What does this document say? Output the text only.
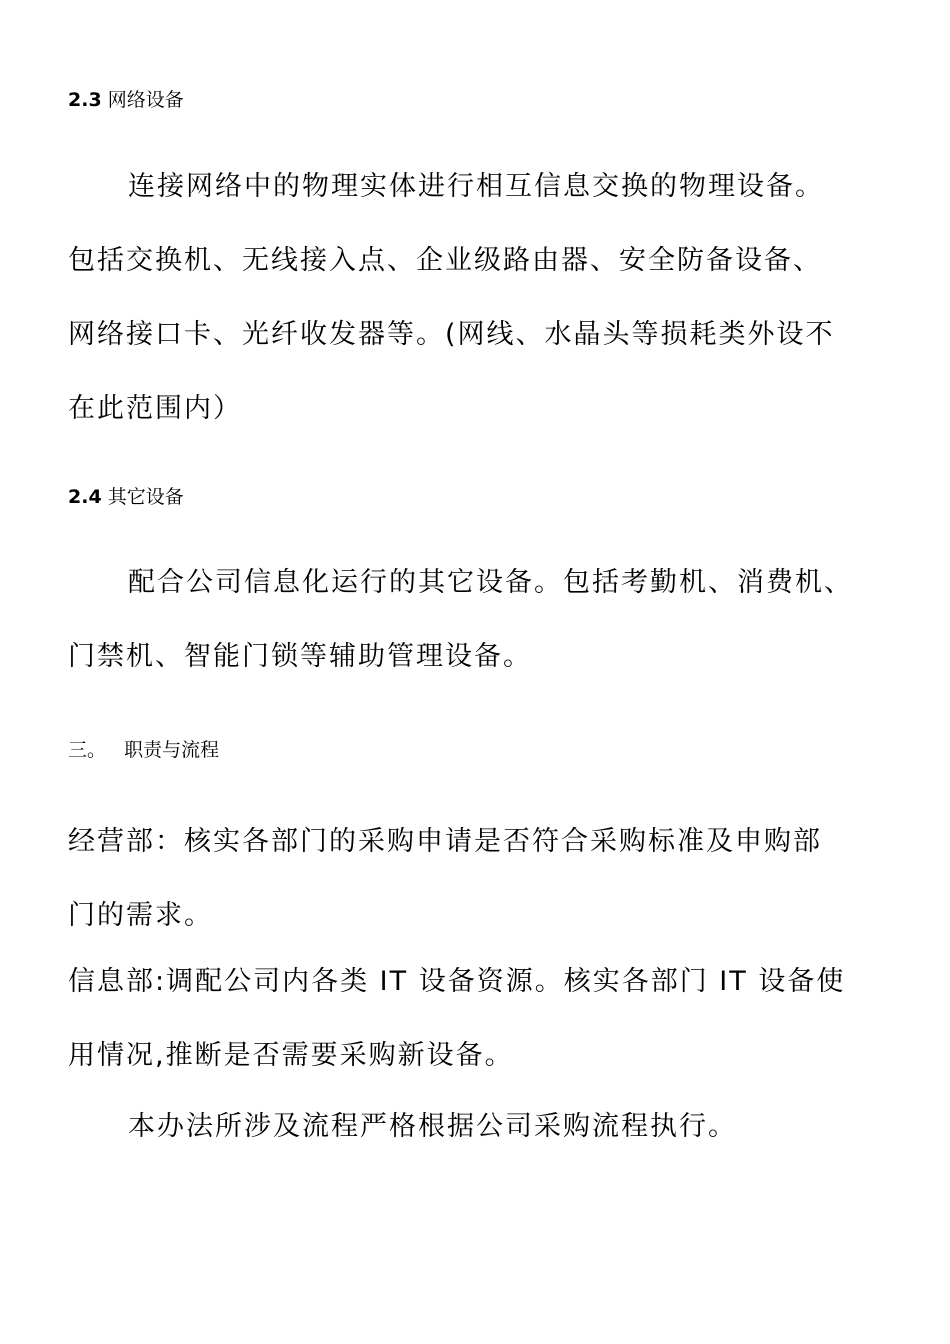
2.3 网络设备
连接网络中的物理实体进行相互信息交换的物理设备。
包括交换机、无线接入点、企业级路由器、安全防备设备、
网络接口卡、光纤收发器等。(网线、水晶头等损耗类外设不
在此范围内）
2.4 其它设备
配合公司信息化运行的其它设备。包括考勤机、消费机、
门禁机、智能门锁等辅助管理设备。
三。 职责与流程
经营部：核实各部门的采购申请是否符合采购标准及申购部
门的需求。
信息部:调配公司内各类 IT 设备资源。核实各部门 IT 设备使
用情况,推断是否需要采购新设备。
本办法所涉及流程严格根据公司采购流程执行。
